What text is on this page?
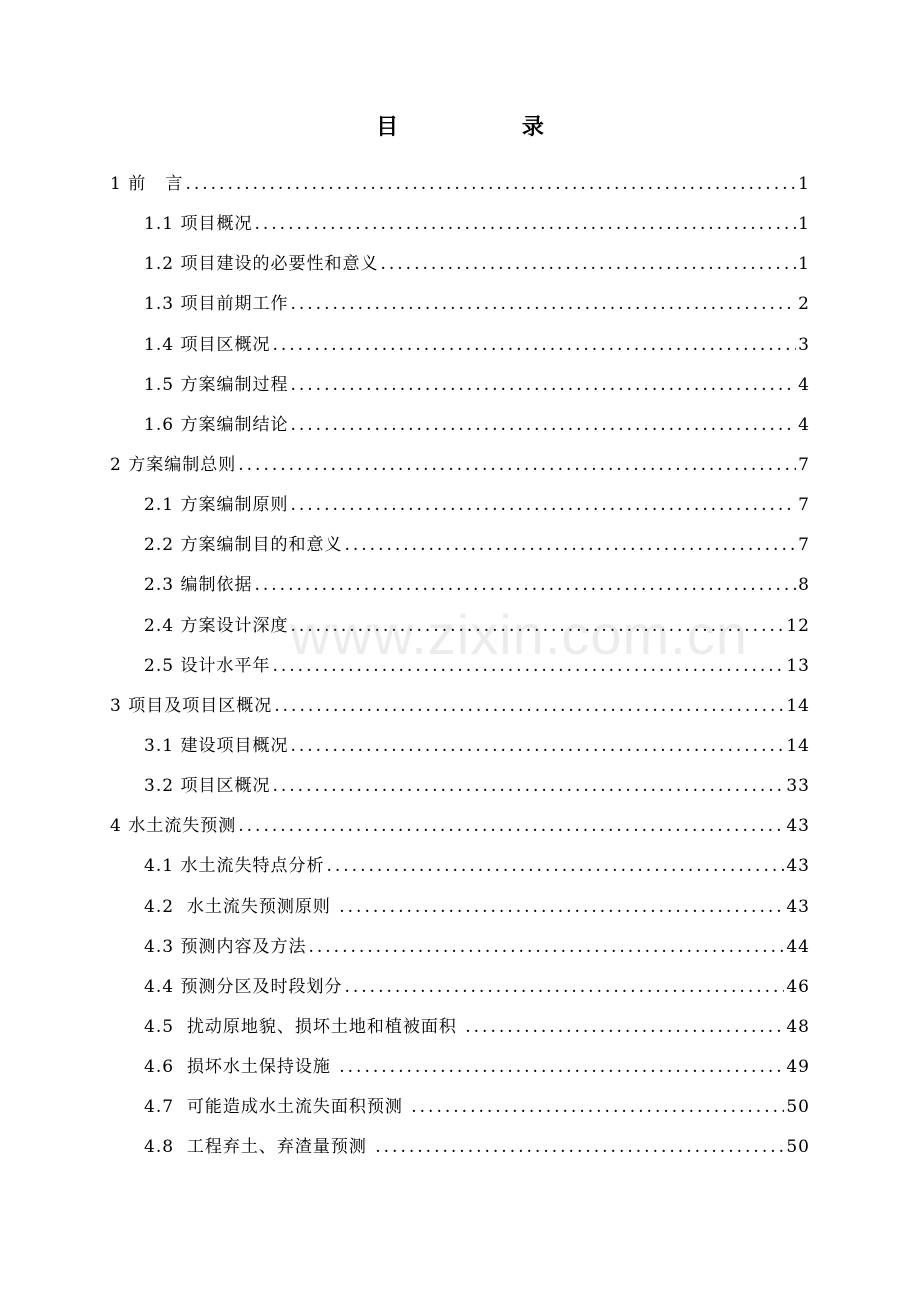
目 录
1 前   言 .....	1
1.1 项目概况 .....	1
1.2 项目建设的必要性和意义 .....	1
1.3 项目前期工作 .....	2
1.4 项目区概况 .....	3
1.5 方案编制过程 .....	4
1.6 方案编制结论 .....	4
2 方案编制总则 .....	7
2.1 方案编制原则 .....	7
2.2 方案编制目的和意义 .....	7
2.3 编制依据 .....	8
2.4 方案设计深度 .....	12
2.5 设计水平年 .....	13
3 项目及项目区概况 .....	14
3.1 建设项目概况 .....	14
3.2 项目区概况 .....	33
4 水土流失预测 .....	43
4.1 水土流失特点分析 .....	43
4.2  水土流失预测原则 .....	43
4.3 预测内容及方法 .....	44
4.4 预测分区及时段划分 .....	46
4.5  扰动原地貌、损坏土地和植被面积 .....	48
4.6  损坏水土保持设施 .....	49
4.7  可能造成水土流失面积预测 .....	50
4.8  工程弃土、弃渣量预测 .....	50
www.zixin.com.cn
